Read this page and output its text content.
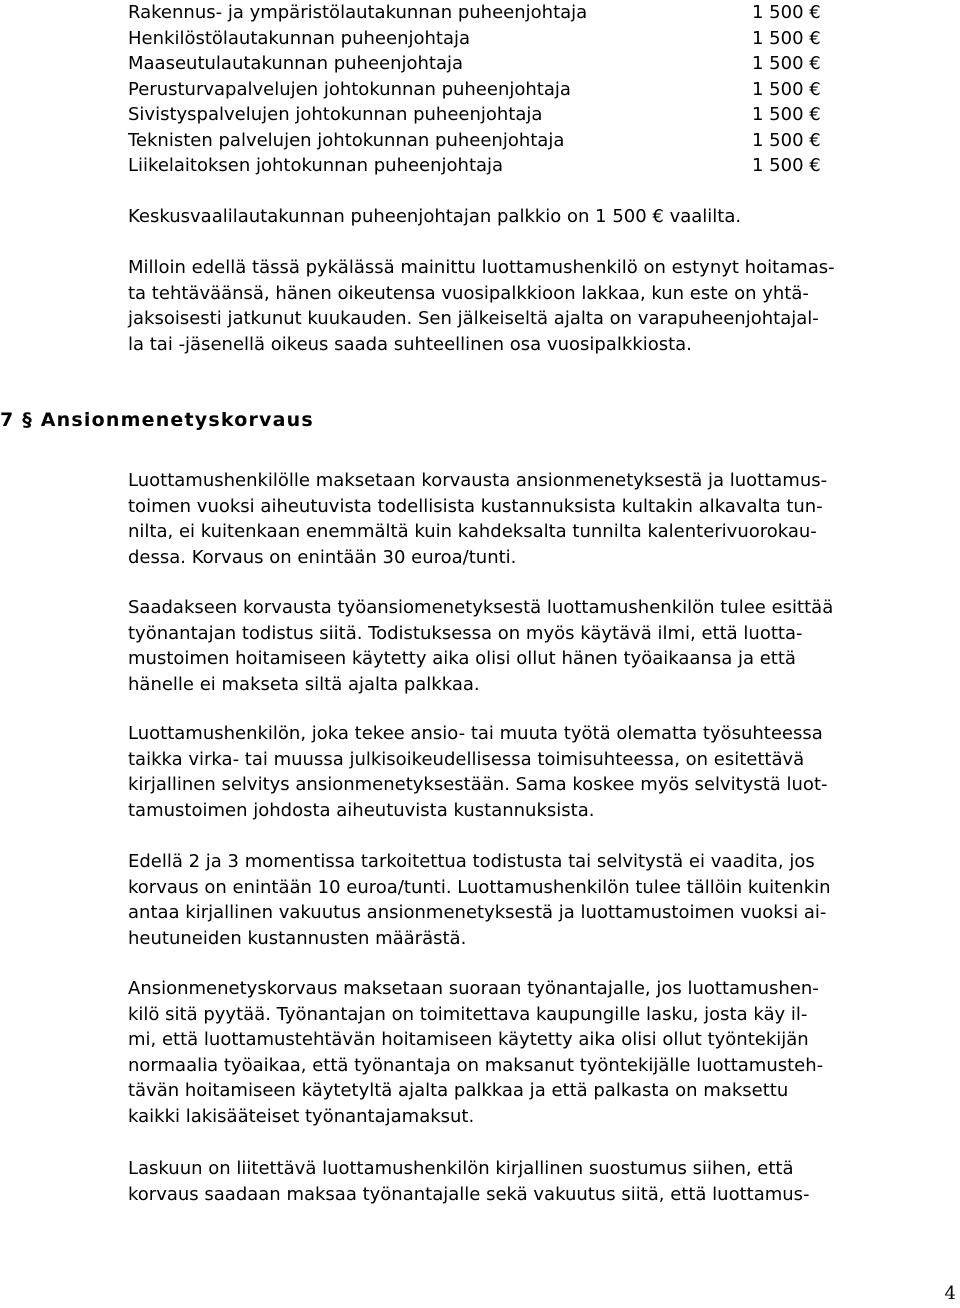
Rakennus- ja ympäristölautakunnan puheenjohtaja	1 500 €
Henkilöstölautakunnan puheenjohtaja	1 500 €
Maaseutulautakunnan puheenjohtaja	1 500 €
Perusturvapalvelujen johtokunnan puheenjohtaja	1 500 €
Sivistyspalvelujen johtokunnan puheenjohtaja	1 500 €
Teknisten palvelujen johtokunnan puheenjohtaja	1 500 €
Liikelaitoksen johtokunnan puheenjohtaja	1 500 €
Keskusvaalilautakunnan puheenjohtajan palkkio on 1 500 € vaalilta.
Milloin edellä tässä pykälässä mainittu luottamushenkilö on estynyt hoitamas-
ta tehtäväänsä, hänen oikeutensa vuosipalkkioon lakkaa, kun este on yhtä-
jaksoisesti jatkunut kuukauden. Sen jälkeiseltä ajalta on varapuheenjohtajal-
la tai -jäsenellä oikeus saada suhteellinen osa vuosipalkkiosta.
7 § Ansionmenetyskorvaus
Luottamushenkilölle maksetaan korvausta ansionmenetyksestä ja luottamus-
toimen vuoksi aiheutuvista todellisista kustannuksista kultakin alkavalta tun-
nilta, ei kuitenkaan enemmältä kuin kahdeksalta tunnilta kalenterivuorokau-
dessa. Korvaus on enintään 30 euroa/tunti.
Saadakseen korvausta työansiomenetyksestä luottamushenkilön tulee esittää
työnantajan todistus siitä. Todistuksessa on myös käytävä ilmi, että luotta-
mustoimen hoitamiseen käytetty aika olisi ollut hänen työaikaansa ja että
hänelle ei makseta siltä ajalta palkkaa.
Luottamushenkilön, joka tekee ansio- tai muuta työtä olematta työsuhteessa
taikka virka- tai muussa julkisoikeudellisessa toimisuhteessa, on esitettävä
kirjallinen selvitys ansionmenetyksestään. Sama koskee myös selvitystä luot-
tamustoimen johdosta aiheutuvista kustannuksista.
Edellä 2 ja 3 momentissa tarkoitettua todistusta tai selvitystä ei vaadita, jos
korvaus on enintään 10 euroa/tunti. Luottamushenkilön tulee tällöin kuitenkin
antaa kirjallinen vakuutus ansionmenetyksestä ja luottamustoimen vuoksi ai-
heutuneiden kustannusten määrästä.
Ansionmenetyskorvaus maksetaan suoraan työnantajalle, jos luottamushen-
kilö sitä pyytää. Työnantajan on toimitettava kaupungille lasku, josta käy il-
mi, että luottamustehtävän hoitamiseen käytetty aika olisi ollut työntekijän
normaalia työaikaa, että työnantaja on maksanut työntekijälle luottamusteh-
tävän hoitamiseen käytetyltä ajalta palkkaa ja että palkasta on maksettu
kaikki lakisääteiset työnantajamaksut.
Laskuun on liitettävä luottamushenkilön kirjallinen suostumus siihen, että
korvaus saadaan maksaa työnantajalle sekä vakuutus siitä, että luottamus-
4
